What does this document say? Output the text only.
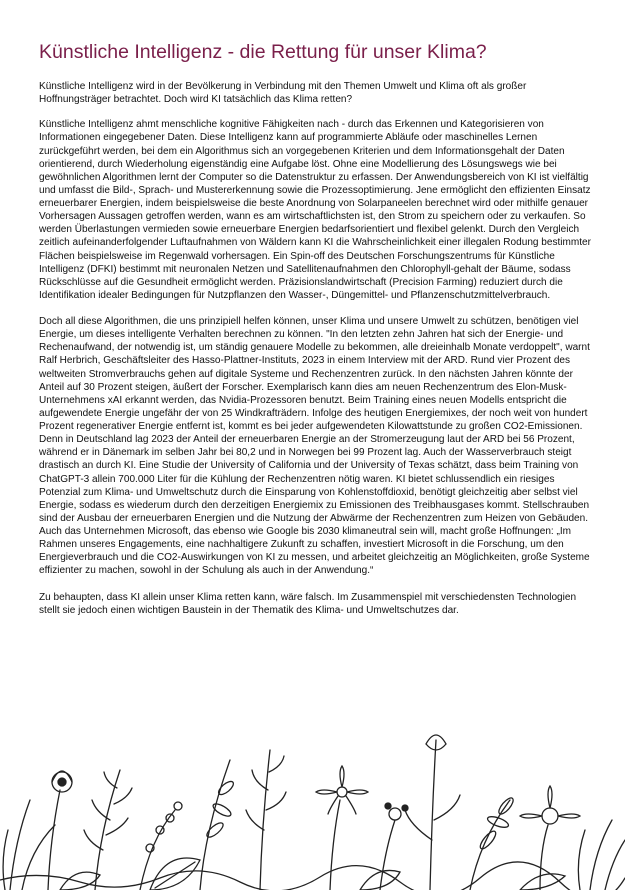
Künstliche Intelligenz - die Rettung für unser Klima?

Künstliche Intelligenz wird in der Bevölkerung in Verbindung mit den Themen Umwelt und Klima oft als großer Hoffnungsträger betrachtet. Doch wird KI tatsächlich das Klima retten?

Künstliche Intelligenz ahmt menschliche kognitive Fähigkeiten nach - durch das Erkennen und Kategorisieren von Informationen eingegebener Daten. Diese Intelligenz kann auf programmierte Abläufe oder maschinelles Lernen zurückgeführt werden, bei dem ein Algorithmus sich an vorgegebenen Kriterien und dem Informationsgehalt der Daten orientierend, durch Wiederholung eigenständig eine Aufgabe löst. Ohne eine Modellierung des Lösungswegs wie bei gewöhnlichen Algorithmen lernt der Computer so die Datenstruktur zu erfassen. Der Anwendungsbereich von KI ist vielfältig und umfasst die Bild-, Sprach- und Mustererkennung sowie die Prozessoptimierung. Jene ermöglicht den effizienten Einsatz erneuerbarer Energien, indem beispielsweise die beste Anordnung von Solarpaneelen berechnet wird oder mithilfe genauer Vorhersagen Aussagen getroffen werden, wann es am wirtschaftlichsten ist, den Strom zu speichern oder zu verkaufen. So werden Überlastungen vermieden sowie erneuerbare Energien bedarfsorientiert und flexibel gelenkt. Durch den Vergleich zeitlich aufeinanderfolgender Luftaufnahmen von Wäldern kann KI die Wahrscheinlichkeit einer illegalen Rodung bestimmter Flächen beispielsweise im Regenwald vorhersagen. Ein Spin-off des Deutschen Forschungszentrums für Künstliche Intelligenz (DFKI) bestimmt mit neuronalen Netzen und Satellitenaufnahmen den Chlorophyll-gehalt der Bäume, sodass Rückschlüsse auf die Gesundheit ermöglicht werden. Präzisionslandwirtschaft (Precision Farming) reduziert durch die Identifikation idealer Bedingungen für Nutzpflanzen den Wasser-, Düngemittel- und Pflanzenschutzmittelverbrauch.

Doch all diese Algorithmen, die uns prinzipiell helfen können, unser Klima und unsere Umwelt zu schützen, benötigen viel Energie, um dieses intelligente Verhalten berechnen zu können. "In den letzten zehn Jahren hat sich der Energie- und Rechenaufwand, der notwendig ist, um ständig genauere Modelle zu bekommen, alle dreieinhalb Monate verdoppelt", warnt Ralf Herbrich, Geschäftsleiter des Hasso-Plattner-Instituts, 2023 in einem Interview mit der ARD. Rund vier Prozent des weltweiten Stromverbrauchs gehen auf digitale Systeme und Rechenzentren zurück. In den nächsten Jahren könnte der Anteil auf 30 Prozent steigen, äußert der Forscher. Exemplarisch kann dies am neuen Rechenzentrum des Elon-Musk-Unternehmens xAI erkannt werden, das Nvidia-Prozessoren benutzt. Beim Training eines neuen Modells entspricht die aufgewendete Energie ungefähr der von 25 Windkrafträdern. Infolge des heutigen Energiemixes, der noch weit von hundert Prozent regenerativer Energie entfernt ist, kommt es bei jeder aufgewendeten Kilowattstunde zu großen CO2-Emissionen. Denn in Deutschland lag 2023 der Anteil der erneuerbaren Energie an der Stromerzeugung laut der ARD bei 56 Prozent, während er in Dänemark im selben Jahr bei 80,2 und in Norwegen bei 99 Prozent lag. Auch der Wasserverbrauch steigt drastisch an durch KI. Eine Studie der University of California und der University of Texas schätzt, dass beim Training von ChatGPT-3 allein 700.000 Liter für die Kühlung der Rechenzentren nötig waren. KI bietet schlussendlich ein riesiges Potenzial zum Klima- und Umweltschutz durch die Einsparung von Kohlenstoffdioxid, benötigt gleichzeitig aber selbst viel Energie, sodass es wiederum durch den derzeitigen Energiemix zu Emissionen des Treibhausgases kommt. Stellschrauben sind der Ausbau der erneuerbaren Energien und die Nutzung der Abwärme der Rechenzentren zum Heizen von Gebäuden. Auch das Unternehmen Microsoft, das ebenso wie Google bis 2030 klimaneutral sein will, macht große Hoffnungen: „Im Rahmen unseres Engagements, eine nachhaltigere Zukunft zu schaffen, investiert Microsoft in die Forschung, um den Energieverbrauch und die CO2-Auswirkungen von KI zu messen, und arbeitet gleichzeitig an Möglichkeiten, große Systeme effizienter zu machen, sowohl in der Schulung als auch in der Anwendung.“

Zu behaupten, dass KI allein unser Klima retten kann, wäre falsch. Im Zusammenspiel mit verschiedensten Technologien stellt sie jedoch einen wichtigen Baustein in der Thematik des Klima- und Umweltschutzes dar.
